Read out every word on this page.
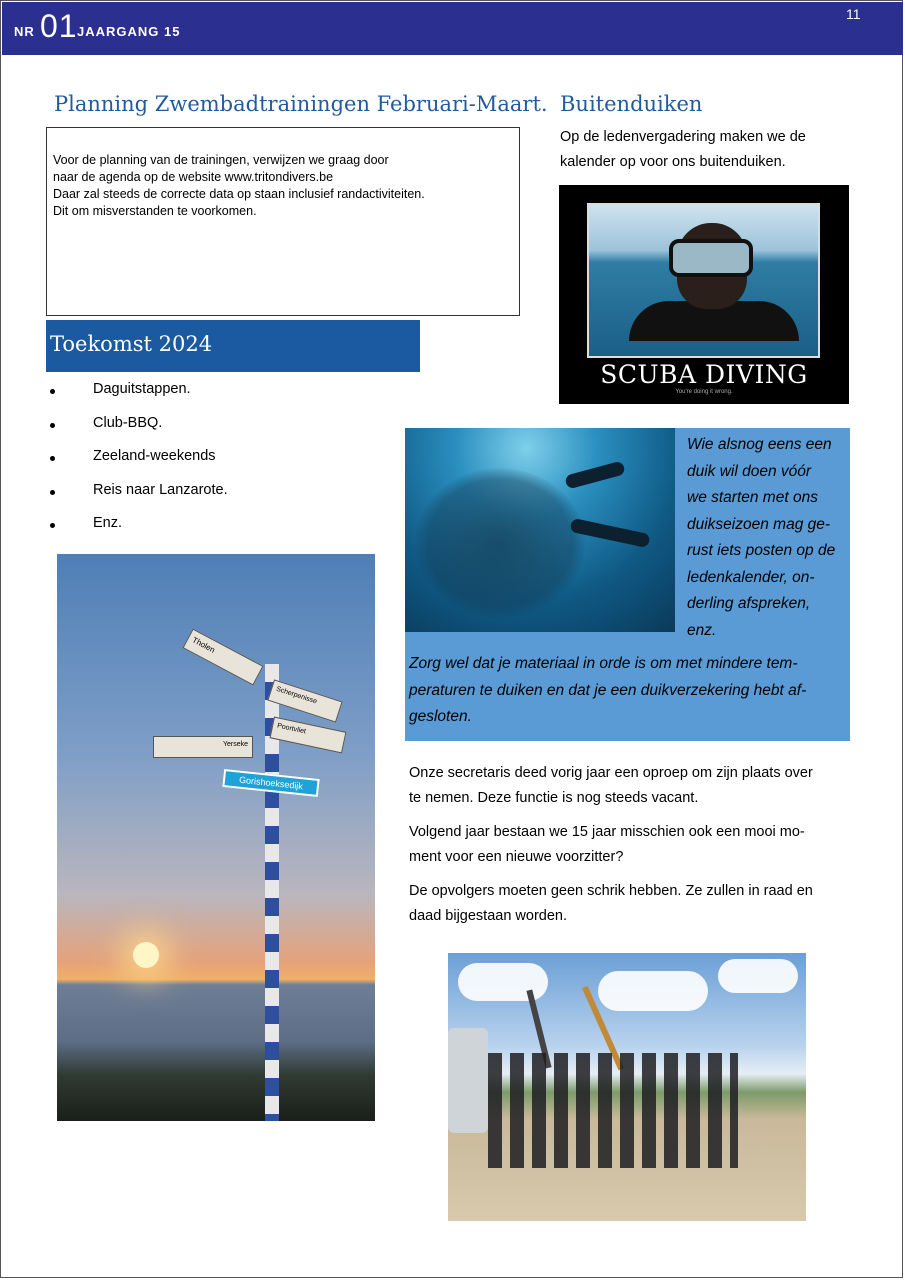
NR 01 JAARGANG 15
11
Planning Zwembadtrainingen Februari-Maart.

Voor de planning van de trainingen, verwijzen we graag door

naar de agenda op de website www.tritondivers.be

Daar zal steeds de correcte data op staan inclusief randactiviteiten.

Dit om misverstanden te voorkomen.

Toekomst 2024
Daguitstappen.
Club-BBQ.
Zeeland-weekends
Reis naar Lanzarote.
Enz.
Tholen
Scherpenisse
Poortvliet
Yerseke
Gorishoeksedijk
Buitenduiken

Op de ledenvergadering maken we de

kalender op voor ons buitenduiken.

SCUBA DIVING
You're doing it wrong.
Wie alsnog eens een
duik wil doen vóór
we starten met ons
duikseizoen mag ge-
rust iets posten op de
ledenkalender, on-
derling afspreken,
enz.
Zorg wel dat je materiaal in orde is om met mindere tem-
peraturen te duiken en dat je een duikverzekering hebt af-
gesloten.

Onze secretaris deed vorig jaar een oproep om zijn plaats over
te nemen. Deze functie is nog steeds vacant.

Volgend jaar bestaan we 15 jaar misschien ook een mooi mo-
ment voor een nieuwe voorzitter?

De opvolgers moeten geen schrik hebben. Ze zullen in raad en
daad bijgestaan worden.
